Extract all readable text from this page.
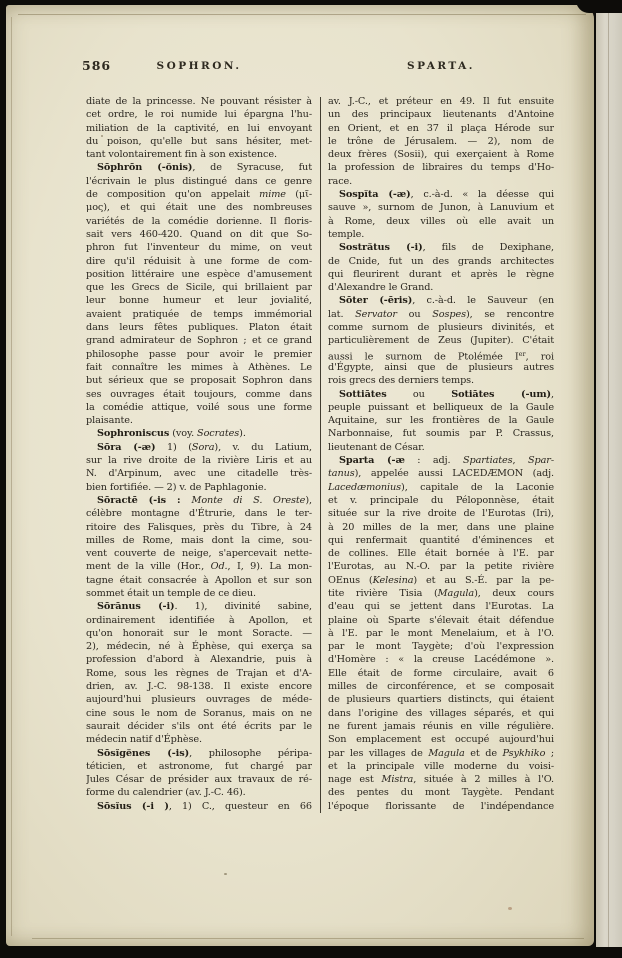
586	SOPHRON.	SPARTA.
diate de la princesse. Ne pouvant résister à
cet ordre, le roi numide lui épargna l'hu-
miliation de la captivité, en lui envoyant
du poison, qu'elle but sans hésiter, met-
tant volontairement fin à son existence.
Sōphrōn (-ŏnis), de Syracuse, fut
l'écrivain le plus distingué dans ce genre
de composition qu'on appelait mime (μῖ-
μος), et qui était une des nombreuses
variétés de la comédie dorienne. Il floris-
sait vers 460-420. Quand on dit que So-
phron fut l'inventeur du mime, on veut
dire qu'il réduisit à une forme de com-
position littéraire une espèce d'amusement
que les Grecs de Sicile, qui brillaient par
leur bonne humeur et leur jovialité,
avaient pratiquée de temps immémorial
dans leurs fêtes publiques. Platon était
grand admirateur de Sophron ; et ce grand
philosophe passe pour avoir le premier
fait connaître les mimes à Athènes. Le
but sérieux que se proposait Sophron dans
ses ouvrages était toujours, comme dans
la comédie attique, voilé sous une forme
plaisante.
Sophroniscus (voy. Socrates).
Sōra (-æ) 1) (Sora), v. du Latium,
sur la rive droite de la rivière Liris et au
N. d'Arpinum, avec une citadelle très-
bien fortifiée. — 2) v. de Paphlagonie.
Sōractē (-is : Monte di S. Oreste),
célèbre montagne d'Étrurie, dans le ter-
ritoire des Falisques, près du Tibre, à 24
milles de Rome, mais dont la cime, sou-
vent couverte de neige, s'apercevait nette-
ment de la ville (Hor., Od., I, 9). La mon-
tagne était consacrée à Apollon et sur son
sommet était un temple de ce dieu.
Sōrānus (-i). 1), divinité sabine,
ordinairement identifiée à Apollon, et
qu'on honorait sur le mont Soracte. —
2), médecin, né à Éphèse, qui exerça sa
profession d'abord à Alexandrie, puis à
Rome, sous les règnes de Trajan et d'A-
drien, av. J.-C. 98-138. Il existe encore
aujourd'hui plusieurs ouvrages de méde-
cine sous le nom de Soranus, mais on ne
saurait décider s'ils ont été écrits par le
médecin natif d'Éphèse.
Sōsĭgĕnes (-is), philosophe péripa-
téticien, et astronome, fut chargé par
Jules César de présider aux travaux de ré-
forme du calendrier (av. J.-C. 46).
Sōsĭus (-i ), 1) C., questeur en 66
av. J.-C., et préteur en 49. Il fut ensuite
un des principaux lieutenants d'Antoine
en Orient, et en 37 il plaça Hérode sur
le trône de Jérusalem. — 2), nom de
deux frères (Sosii), qui exerçaient à Rome
la profession de libraires du temps d'Ho-
race.
Sospĭta (-æ), c.-à-d. « la déesse qui
sauve », surnom de Junon, à Lanuvium et
à Rome, deux villes où elle avait un
temple.
Sostrătus (-i), fils de Dexiphane,
de Cnide, fut un des grands architectes
qui fleurirent durant et après le règne
d'Alexandre le Grand.
Sōter (-ēris), c.-à-d. le Sauveur (en
lat. Servator ou Sospes), se rencontre
comme surnom de plusieurs divinités, et
particulièrement de Zeus (Jupiter). C'était
aussi le surnom de Ptolémée Ier, roi
d'Égypte, ainsi que de plusieurs autres
rois grecs des derniers temps.
Sottiātes ou Sotiātes (-um),
peuple puissant et belliqueux de la Gaule
Aquitaine, sur les frontières de la Gaule
Narbonnaise, fut soumis par P. Crassus,
lieutenant de César.
Sparta (-æ : adj. Spartiates, Spar-
tanus), appelée aussi LACEDÆMON (adj.
Lacedæmonius), capitale de la Laconie
et v. principale du Péloponnèse, était
située sur la rive droite de l'Eurotas (Iri),
à 20 milles de la mer, dans une plaine
qui renfermait quantité d'éminences et
de collines. Elle était bornée à l'E. par
l'Eurotas, au N.-O. par la petite rivière
OEnus (Kelesina) et au S.-É. par la pe-
tite rivière Tisia (Magula), deux cours
d'eau qui se jettent dans l'Eurotas. La
plaine où Sparte s'élevait était défendue
à l'E. par le mont Menelaium, et à l'O.
par le mont Taygète; d'où l'expression
d'Homère : « la creuse Lacédémone ».
Elle était de forme circulaire, avait 6
milles de circonférence, et se composait
de plusieurs quartiers distincts, qui étaient
dans l'origine des villages séparés, et qui
ne furent jamais réunis en ville régulière.
Son emplacement est occupé aujourd'hui
par les villages de Magula et de Psykhiko ;
et la principale ville moderne du voisi-
nage est Mistra, située à 2 milles à l'O.
des pentes du mont Taygète. Pendant
l'époque florissante de l'indépendance
